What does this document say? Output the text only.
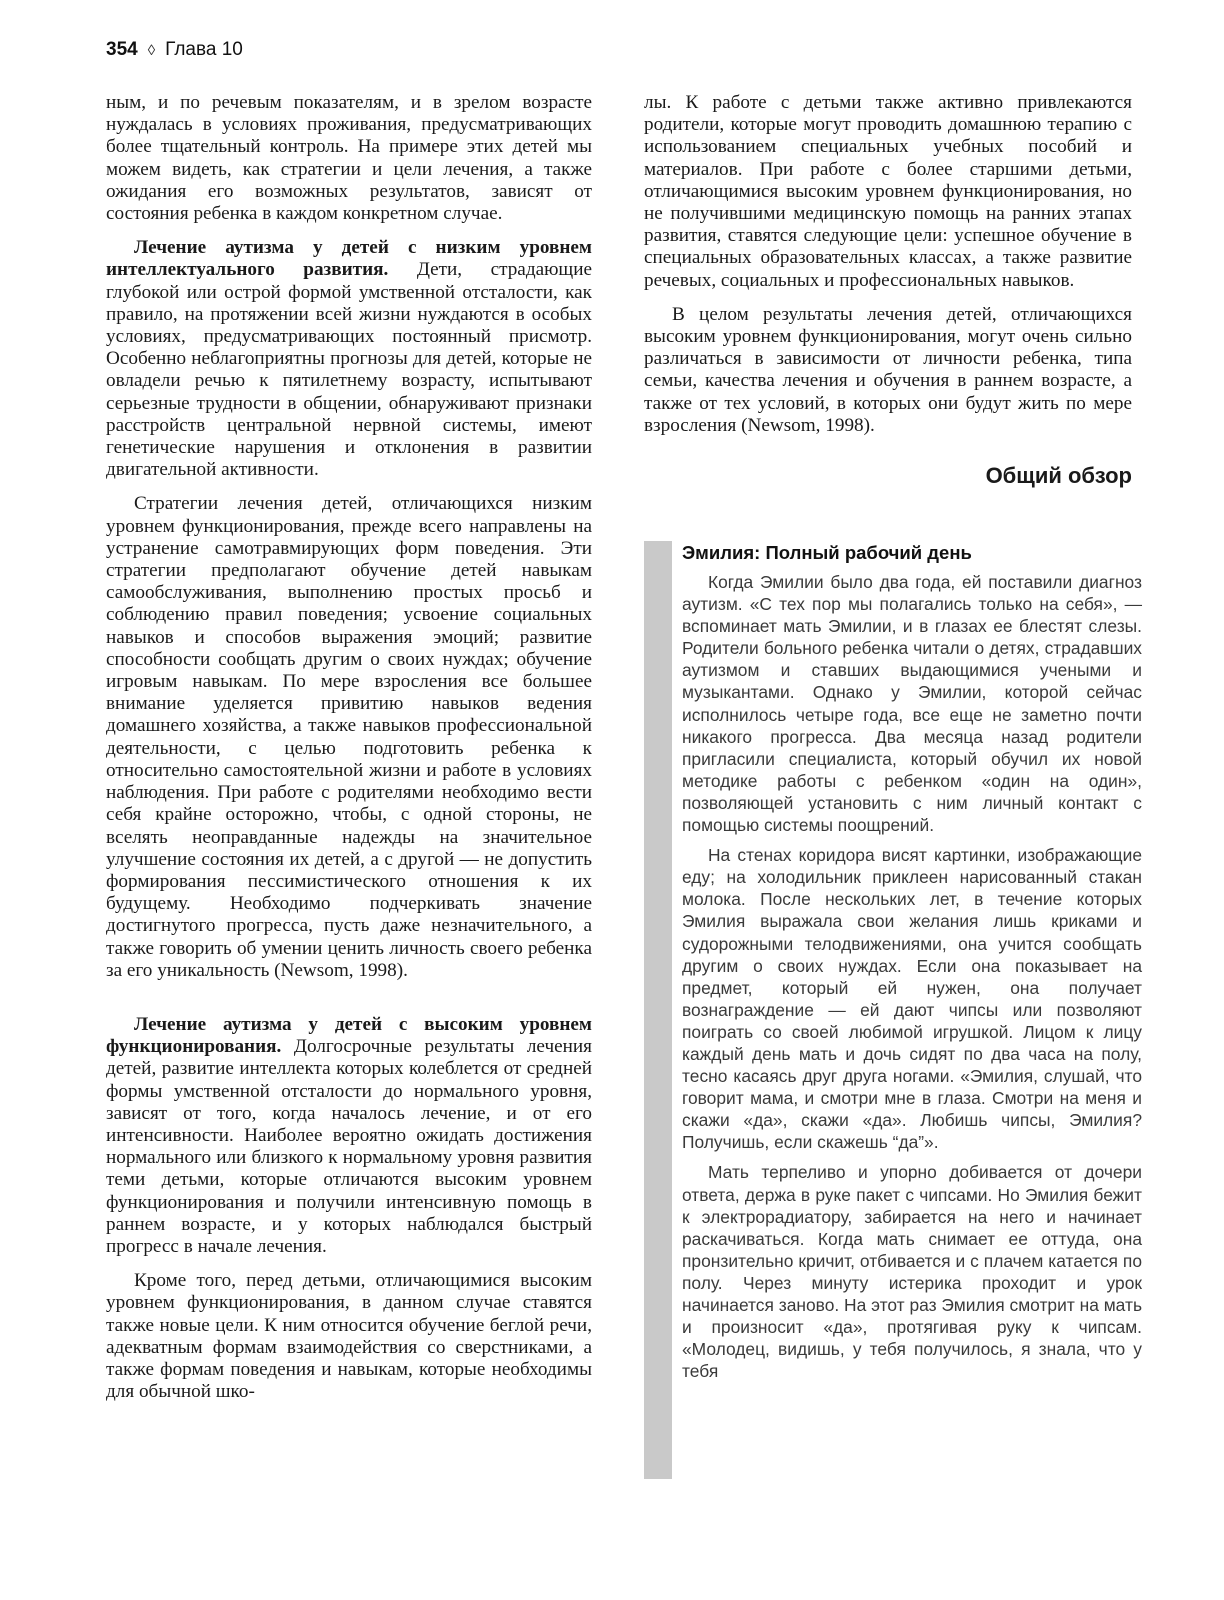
354 ◊ Глава 10

ным, и по речевым показателям, и в зрелом возрасте нуждалась в условиях проживания, предусматривающих более тщательный контроль. На примере этих детей мы можем видеть, как стратегии и цели лечения, а также ожидания его возможных результатов, зависят от состояния ребенка в каждом конкретном случае.

Лечение аутизма у детей с низким уровнем интеллектуального развития. Дети, страдающие глубокой или острой формой умственной отсталости, как правило, на протяжении всей жизни нуждаются в особых условиях, предусматривающих постоянный присмотр. Особенно неблагоприятны прогнозы для детей, которые не овладели речью к пятилетнему возрасту, испытывают серьезные трудности в общении, обнаруживают признаки расстройств центральной нервной системы, имеют генетические нарушения и отклонения в развитии двигательной активности.

Стратегии лечения детей, отличающихся низким уровнем функционирования, прежде всего направлены на устранение самотравмирующих форм поведения. Эти стратегии предполагают обучение детей навыкам самообслуживания, выполнению простых просьб и соблюдению правил поведения; усвоение социальных навыков и способов выражения эмоций; развитие способности сообщать другим о своих нуждах; обучение игровым навыкам. По мере взросления все большее внимание уделяется привитию навыков ведения домашнего хозяйства, а также навыков профессиональной деятельности, с целью подготовить ребенка к относительно самостоятельной жизни и работе в условиях наблюдения. При работе с родителями необходимо вести себя крайне осторожно, чтобы, с одной стороны, не вселять неоправданные надежды на значительное улучшение состояния их детей, а с другой — не допустить формирования пессимистического отношения к их будущему. Необходимо подчеркивать значение достигнутого прогресса, пусть даже незначительного, а также говорить об умении ценить личность своего ребенка за его уникальность (Newsom, 1998).

Лечение аутизма у детей с высоким уровнем функционирования. Долгосрочные результаты лечения детей, развитие интеллекта которых колеблется от средней формы умственной отсталости до нормального уровня, зависят от того, когда началось лечение, и от его интенсивности. Наиболее вероятно ожидать достижения нормального или близкого к нормальному уровня развития теми детьми, которые отличаются высоким уровнем функционирования и получили интенсивную помощь в раннем возрасте, и у которых наблюдался быстрый прогресс в начале лечения.

Кроме того, перед детьми, отличающимися высоким уровнем функционирования, в данном случае ставятся также новые цели. К ним относится обучение беглой речи, адекватным формам взаимодействия со сверстниками, а также формам поведения и навыкам, которые необходимы для обычной шко-

лы. К работе с детьми также активно привлекаются родители, которые могут проводить домашнюю терапию с использованием специальных учебных пособий и материалов. При работе с более старшими детьми, отличающимися высоким уровнем функционирования, но не получившими медицинскую помощь на ранних этапах развития, ставятся следующие цели: успешное обучение в специальных образовательных классах, а также развитие речевых, социальных и профессиональных навыков.

В целом результаты лечения детей, отличающихся высоким уровнем функционирования, могут очень сильно различаться в зависимости от личности ребенка, типа семьи, качества лечения и обучения в раннем возрасте, а также от тех условий, в которых они будут жить по мере взросления (Newsom, 1998).

Общий обзор
Эмилия: Полный рабочий день

Когда Эмилии было два года, ей поставили диагноз аутизм. «С тех пор мы полагались только на себя», — вспоминает мать Эмилии, и в глазах ее блестят слезы. Родители больного ребенка читали о детях, страдавших аутизмом и ставших выдающимися учеными и музыкантами. Однако у Эмилии, которой сейчас исполнилось четыре года, все еще не заметно почти никакого прогресса. Два месяца назад родители пригласили специалиста, который обучил их новой методике работы с ребенком «один на один», позволяющей установить с ним личный контакт с помощью системы поощрений.

На стенах коридора висят картинки, изображающие еду; на холодильник приклеен нарисованный стакан молока. После нескольких лет, в течение которых Эмилия выражала свои желания лишь криками и судорожными телодвижениями, она учится сообщать другим о своих нуждах. Если она показывает на предмет, который ей нужен, она получает вознаграждение — ей дают чипсы или позволяют поиграть со своей любимой игрушкой. Лицом к лицу каждый день мать и дочь сидят по два часа на полу, тесно касаясь друг друга ногами. «Эмилия, слушай, что говорит мама, и смотри мне в глаза. Смотри на меня и скажи «да», скажи «да». Любишь чипсы, Эмилия? Получишь, если скажешь “да”».

Мать терпеливо и упорно добивается от дочери ответа, держа в руке пакет с чипсами. Но Эмилия бежит к электрорадиатору, забирается на него и начинает раскачиваться. Когда мать снимает ее оттуда, она пронзительно кричит, отбивается и с плачем катается по полу. Через минуту истерика проходит и урок начинается заново. На этот раз Эмилия смотрит на мать и произносит «да», протягивая руку к чипсам. «Молодец, видишь, у тебя получилось, я знала, что у тебя
